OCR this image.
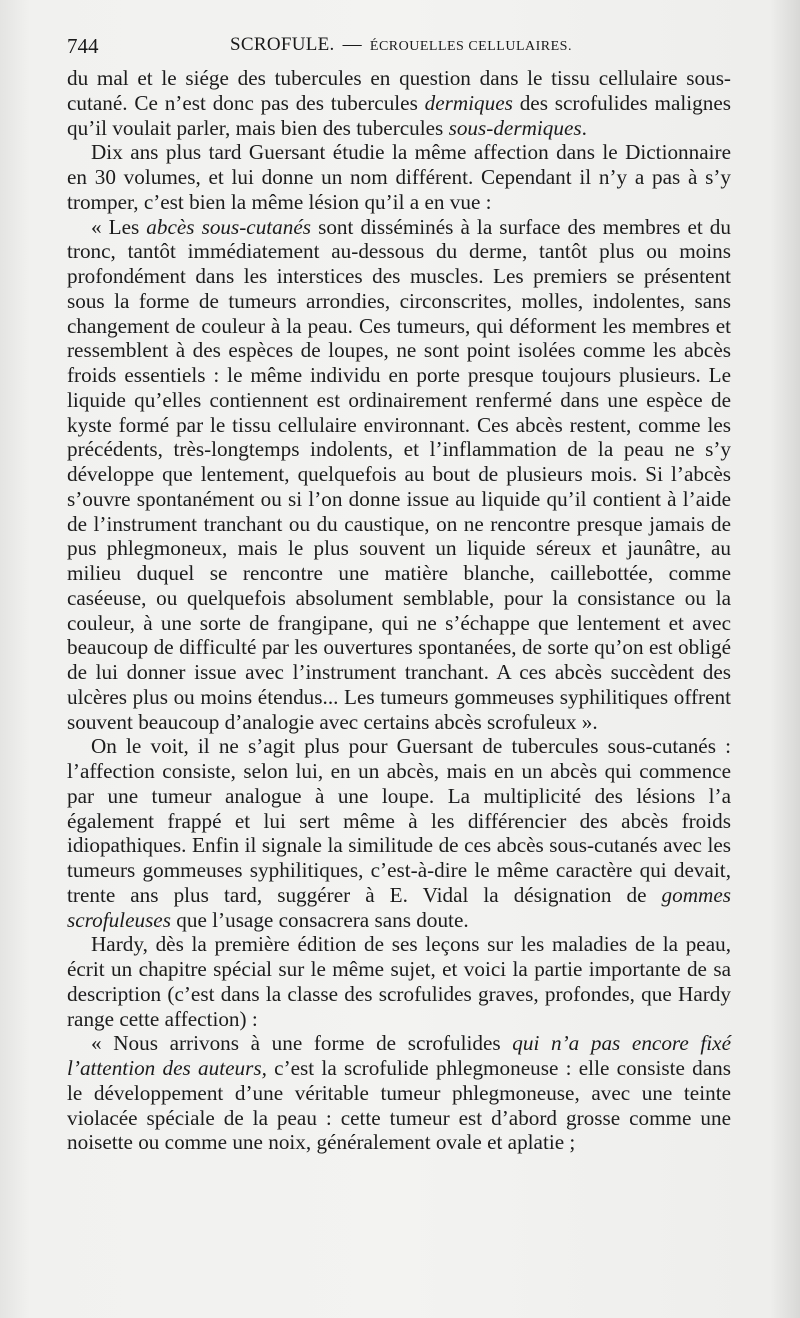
744	SCROFULE. — ÉCROUELLES CELLULAIRES.

du mal et le siége des tubercules en question dans le tissu cellulaire sous-cutané. Ce n’est donc pas des tubercules dermiques des scrofulides malignes qu’il voulait parler, mais bien des tubercules sous-dermiques.

Dix ans plus tard Guersant étudie la même affection dans le Dictionnaire en 30 volumes, et lui donne un nom différent. Cependant il n’y a pas à s’y tromper, c’est bien la même lésion qu’il a en vue :

« Les abcès sous-cutanés sont disséminés à la surface des membres et du tronc, tantôt immédiatement au-dessous du derme, tantôt plus ou moins profondément dans les interstices des muscles. Les premiers se présentent sous la forme de tumeurs arrondies, circonscrites, molles, indolentes, sans changement de couleur à la peau. Ces tumeurs, qui déforment les membres et ressemblent à des espèces de loupes, ne sont point isolées comme les abcès froids essentiels : le même individu en porte presque toujours plusieurs. Le liquide qu’elles contiennent est ordinairement renfermé dans une espèce de kyste formé par le tissu cellulaire environnant. Ces abcès restent, comme les précédents, très-longtemps indolents, et l’inflammation de la peau ne s’y développe que lentement, quelquefois au bout de plusieurs mois. Si l’abcès s’ouvre spontanément ou si l’on donne issue au liquide qu’il contient à l’aide de l’instrument tranchant ou du caustique, on ne rencontre presque jamais de pus phlegmoneux, mais le plus souvent un liquide séreux et jaunâtre, au milieu duquel se rencontre une matière blanche, caillebottée, comme caséeuse, ou quelquefois absolument semblable, pour la consistance ou la couleur, à une sorte de frangipane, qui ne s’échappe que lentement et avec beaucoup de difficulté par les ouvertures spontanées, de sorte qu’on est obligé de lui donner issue avec l’instrument tranchant. A ces abcès succèdent des ulcères plus ou moins étendus... Les tumeurs gommeuses syphilitiques offrent souvent beaucoup d’analogie avec certains abcès scrofuleux ».

On le voit, il ne s’agit plus pour Guersant de tubercules sous-cutanés : l’affection consiste, selon lui, en un abcès, mais en un abcès qui commence par une tumeur analogue à une loupe. La multiplicité des lésions l’a également frappé et lui sert même à les différencier des abcès froids idiopathiques. Enfin il signale la similitude de ces abcès sous-cutanés avec les tumeurs gommeuses syphilitiques, c’est-à-dire le même caractère qui devait, trente ans plus tard, suggérer à E. Vidal la désignation de gommes scrofuleuses que l’usage consacrera sans doute.

Hardy, dès la première édition de ses leçons sur les maladies de la peau, écrit un chapitre spécial sur le même sujet, et voici la partie importante de sa description (c’est dans la classe des scrofulides graves, profondes, que Hardy range cette affection) :

« Nous arrivons à une forme de scrofulides qui n’a pas encore fixé l’attention des auteurs, c’est la scrofulide phlegmoneuse : elle consiste dans le développement d’une véritable tumeur phlegmoneuse, avec une teinte violacée spéciale de la peau : cette tumeur est d’abord grosse comme une noisette ou comme une noix, généralement ovale et aplatie ;
